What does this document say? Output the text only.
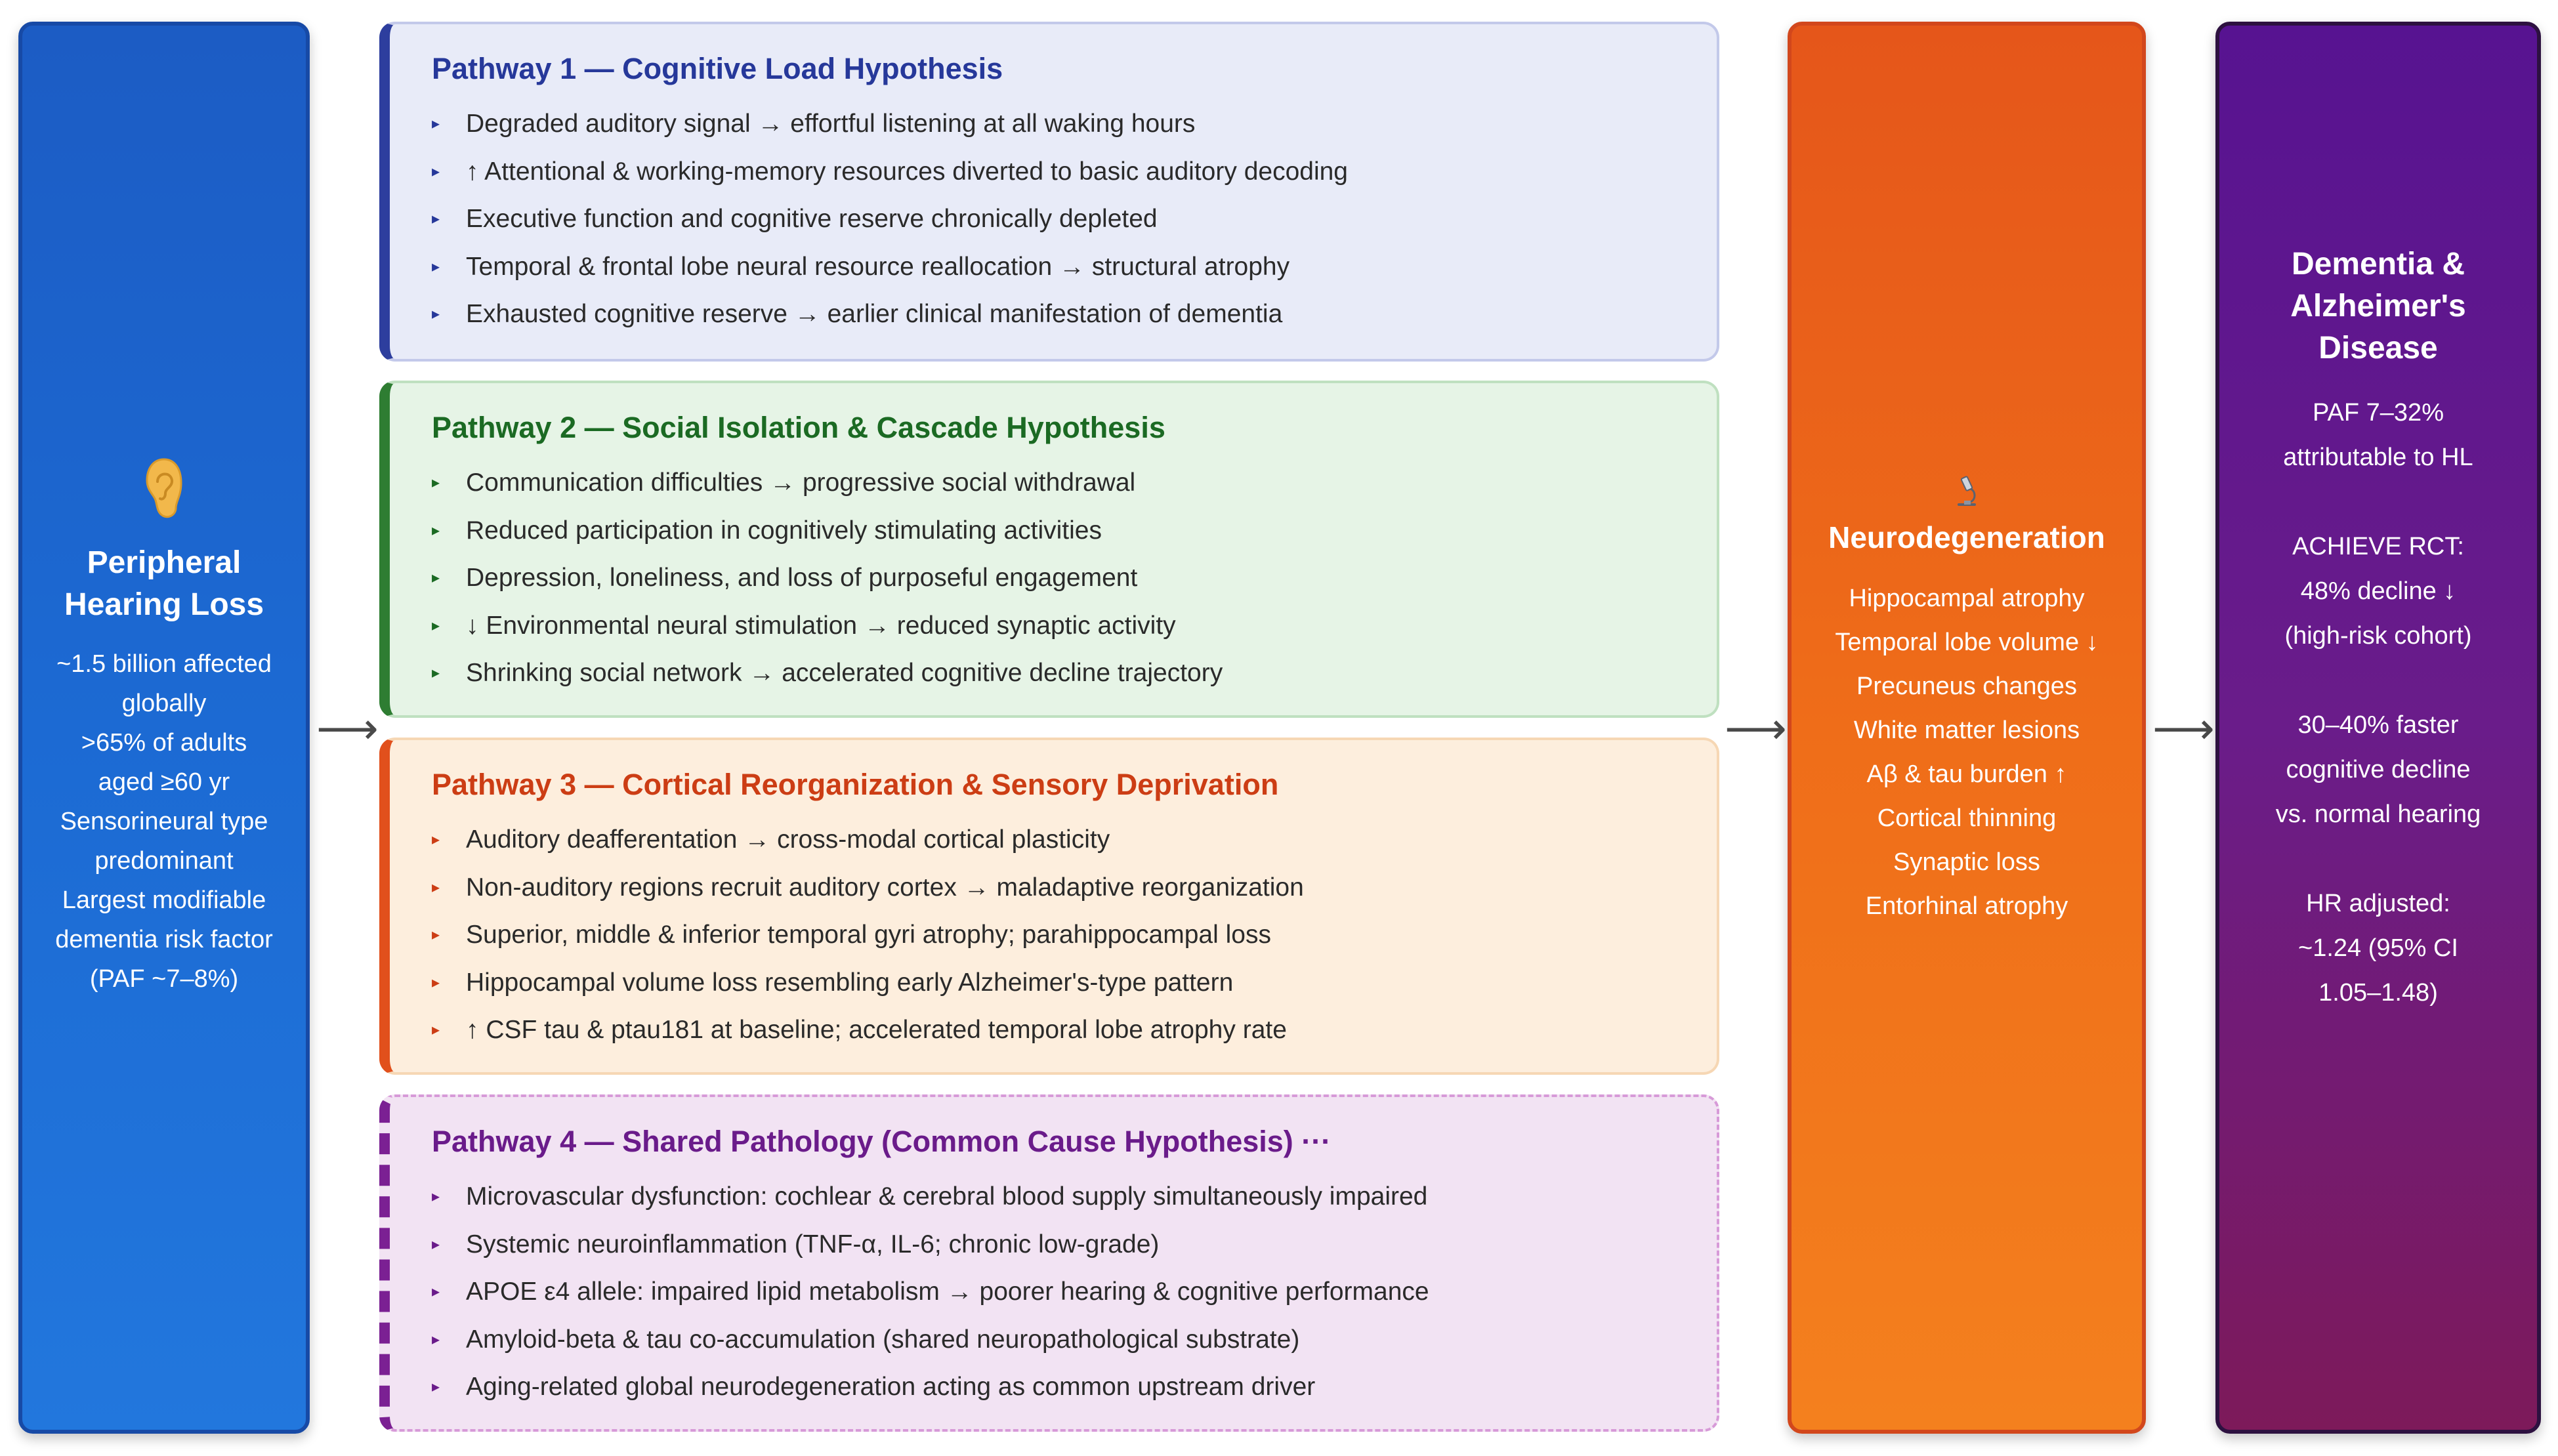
Peripheral
Hearing Loss
~1.5 billion affected
globally
>65% of adults
aged ≥60 yr
Sensorineural type
predominant
Largest modifiable
dementia risk factor
(PAF ~7–8%)
⟶	⟶	⟶
Pathway 1 — Cognitive Load Hypothesis
▸ Degraded auditory signal → effortful listening at all waking hours
▸ ↑ Attentional & working-memory resources diverted to basic auditory decoding
▸ Executive function and cognitive reserve chronically depleted
▸ Temporal & frontal lobe neural resource reallocation → structural atrophy
▸ Exhausted cognitive reserve → earlier clinical manifestation of dementia
Pathway 2 — Social Isolation & Cascade Hypothesis
▸ Communication difficulties → progressive social withdrawal
▸ Reduced participation in cognitively stimulating activities
▸ Depression, loneliness, and loss of purposeful engagement
▸ ↓ Environmental neural stimulation → reduced synaptic activity
▸ Shrinking social network → accelerated cognitive decline trajectory
Pathway 3 — Cortical Reorganization & Sensory Deprivation
▸ Auditory deafferentation → cross-modal cortical plasticity
▸ Non-auditory regions recruit auditory cortex → maladaptive reorganization
▸ Superior, middle & inferior temporal gyri atrophy; parahippocampal loss
▸ Hippocampal volume loss resembling early Alzheimer's-type pattern
▸ ↑ CSF tau & ptau181 at baseline; accelerated temporal lobe atrophy rate
Pathway 4 — Shared Pathology (Common Cause Hypothesis) ···
▸ Microvascular dysfunction: cochlear & cerebral blood supply simultaneously impaired
▸ Systemic neuroinflammation (TNF-α, IL-6; chronic low-grade)
▸ APOE ε4 allele: impaired lipid metabolism → poorer hearing & cognitive performance
▸ Amyloid-beta & tau co-accumulation (shared neuropathological substrate)
▸ Aging-related global neurodegeneration acting as common upstream driver
Neurodegeneration
Hippocampal atrophy
Temporal lobe volume ↓
Precuneus changes
White matter lesions
Aβ & tau burden ↑
Cortical thinning
Synaptic loss
Entorhinal atrophy
Dementia &
Alzheimer's
Disease
PAF 7–32%
attributable to HL
ACHIEVE RCT:
48% decline ↓
(high-risk cohort)
30–40% faster
cognitive decline
vs. normal hearing
HR adjusted:
~1.24 (95% CI
1.05–1.48)
